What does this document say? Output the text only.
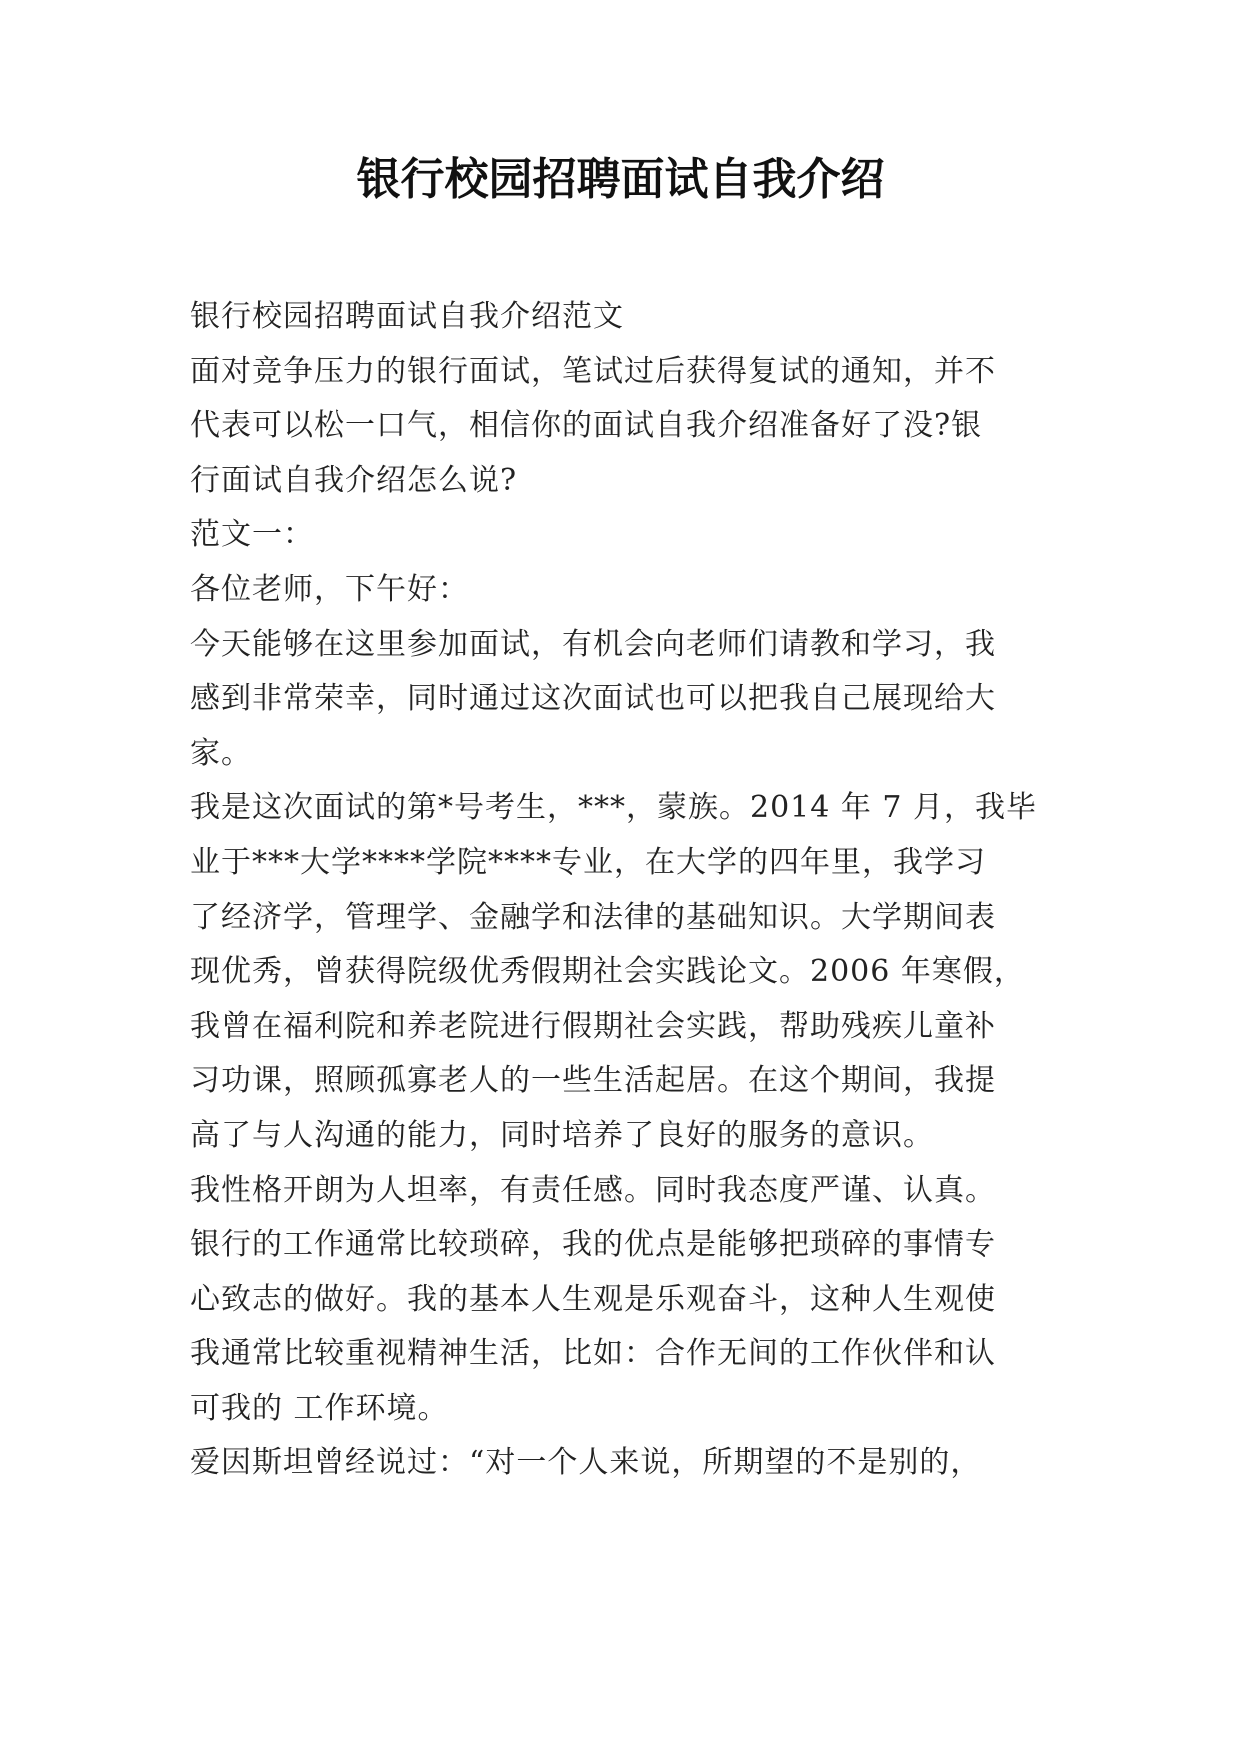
银行校园招聘面试自我介绍
银行校园招聘面试自我介绍范文
面对竞争压力的银行面试，笔试过后获得复试的通知，并不
代表可以松一口气，相信你的面试自我介绍准备好了没?银
行面试自我介绍怎么说?
范文一：
各位老师，下午好：
今天能够在这里参加面试，有机会向老师们请教和学习，我
感到非常荣幸，同时通过这次面试也可以把我自己展现给大
家。
我是这次面试的第*号考生，***，蒙族。2014 年 7 月，我毕
业于***大学****学院****专业，在大学的四年里，我学习
了经济学，管理学、金融学和法律的基础知识。大学期间表
现优秀，曾获得院级优秀假期社会实践论文。2006 年寒假，
我曾在福利院和养老院进行假期社会实践，帮助残疾儿童补
习功课，照顾孤寡老人的一些生活起居。在这个期间，我提
高了与人沟通的能力，同时培养了良好的服务的意识。
我性格开朗为人坦率，有责任感。同时我态度严谨、认真。
银行的工作通常比较琐碎，我的优点是能够把琐碎的事情专
心致志的做好。我的基本人生观是乐观奋斗，这种人生观使
我通常比较重视精神生活，比如：合作无间的工作伙伴和认
可我的 工作环境。
爱因斯坦曾经说过：“对一个人来说，所期望的不是别的，
